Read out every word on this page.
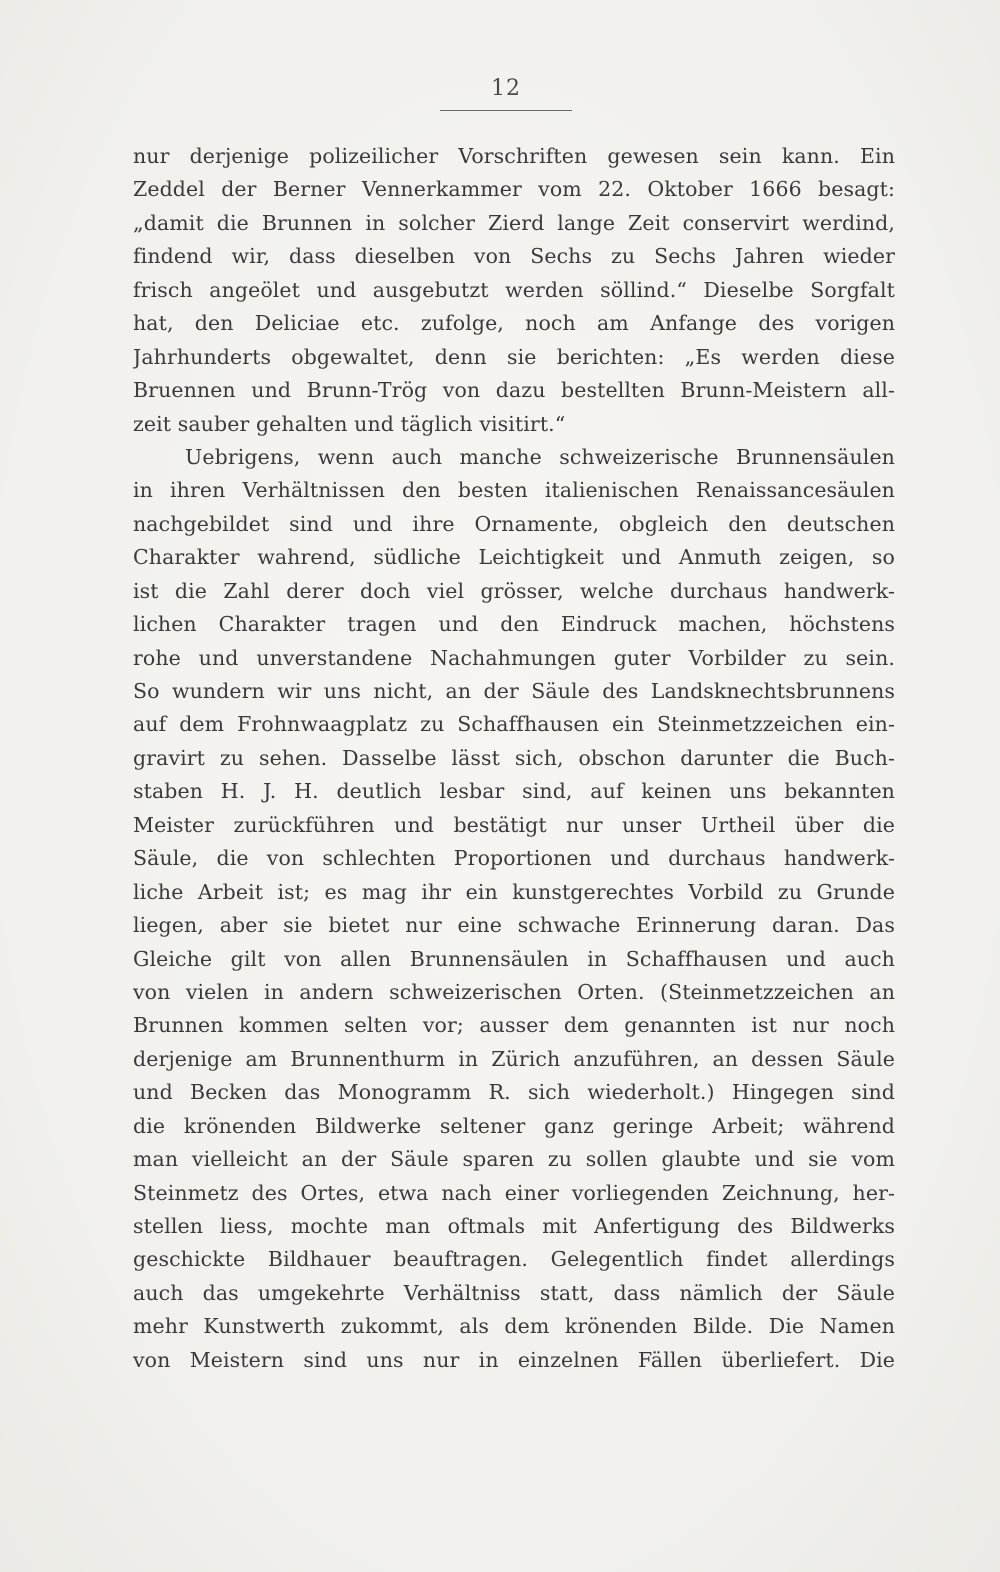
12
nur derjenige polizeilicher Vorschriften gewesen sein kann. Ein
Zeddel der Berner Vennerkammer vom 22. Oktober 1666 besagt:
„damit die Brunnen in solcher Zierd lange Zeit conservirt werdind,
findend wir, dass dieselben von Sechs zu Sechs Jahren wieder
frisch angeölet und ausgebutzt werden söllind.“ Dieselbe Sorgfalt
hat, den Deliciae etc. zufolge, noch am Anfange des vorigen
Jahrhunderts obgewaltet, denn sie berichten: „Es werden diese
Bruennen und Brunn-Trög von dazu bestellten Brunn-Meistern all-
zeit sauber gehalten und täglich visitirt.“
Uebrigens, wenn auch manche schweizerische Brunnensäulen
in ihren Verhältnissen den besten italienischen Renaissancesäulen
nachgebildet sind und ihre Ornamente, obgleich den deutschen
Charakter wahrend, südliche Leichtigkeit und Anmuth zeigen, so
ist die Zahl derer doch viel grösser, welche durchaus handwerk-
lichen Charakter tragen und den Eindruck machen, höchstens
rohe und unverstandene Nachahmungen guter Vorbilder zu sein.
So wundern wir uns nicht, an der Säule des Landsknechtsbrunnens
auf dem Frohnwaagplatz zu Schaffhausen ein Steinmetzzeichen ein-
gravirt zu sehen. Dasselbe lässt sich, obschon darunter die Buch-
staben H. J. H. deutlich lesbar sind, auf keinen uns bekannten
Meister zurückführen und bestätigt nur unser Urtheil über die
Säule, die von schlechten Proportionen und durchaus handwerk-
liche Arbeit ist; es mag ihr ein kunstgerechtes Vorbild zu Grunde
liegen, aber sie bietet nur eine schwache Erinnerung daran. Das
Gleiche gilt von allen Brunnensäulen in Schaffhausen und auch
von vielen in andern schweizerischen Orten. (Steinmetzzeichen an
Brunnen kommen selten vor; ausser dem genannten ist nur noch
derjenige am Brunnenthurm in Zürich anzuführen, an dessen Säule
und Becken das Monogramm R. sich wiederholt.) Hingegen sind
die krönenden Bildwerke seltener ganz geringe Arbeit; während
man vielleicht an der Säule sparen zu sollen glaubte und sie vom
Steinmetz des Ortes, etwa nach einer vorliegenden Zeichnung, her-
stellen liess, mochte man oftmals mit Anfertigung des Bildwerks
geschickte Bildhauer beauftragen. Gelegentlich findet allerdings
auch das umgekehrte Verhältniss statt, dass nämlich der Säule
mehr Kunstwerth zukommt, als dem krönenden Bilde. Die Namen
von Meistern sind uns nur in einzelnen Fällen überliefert. Die
